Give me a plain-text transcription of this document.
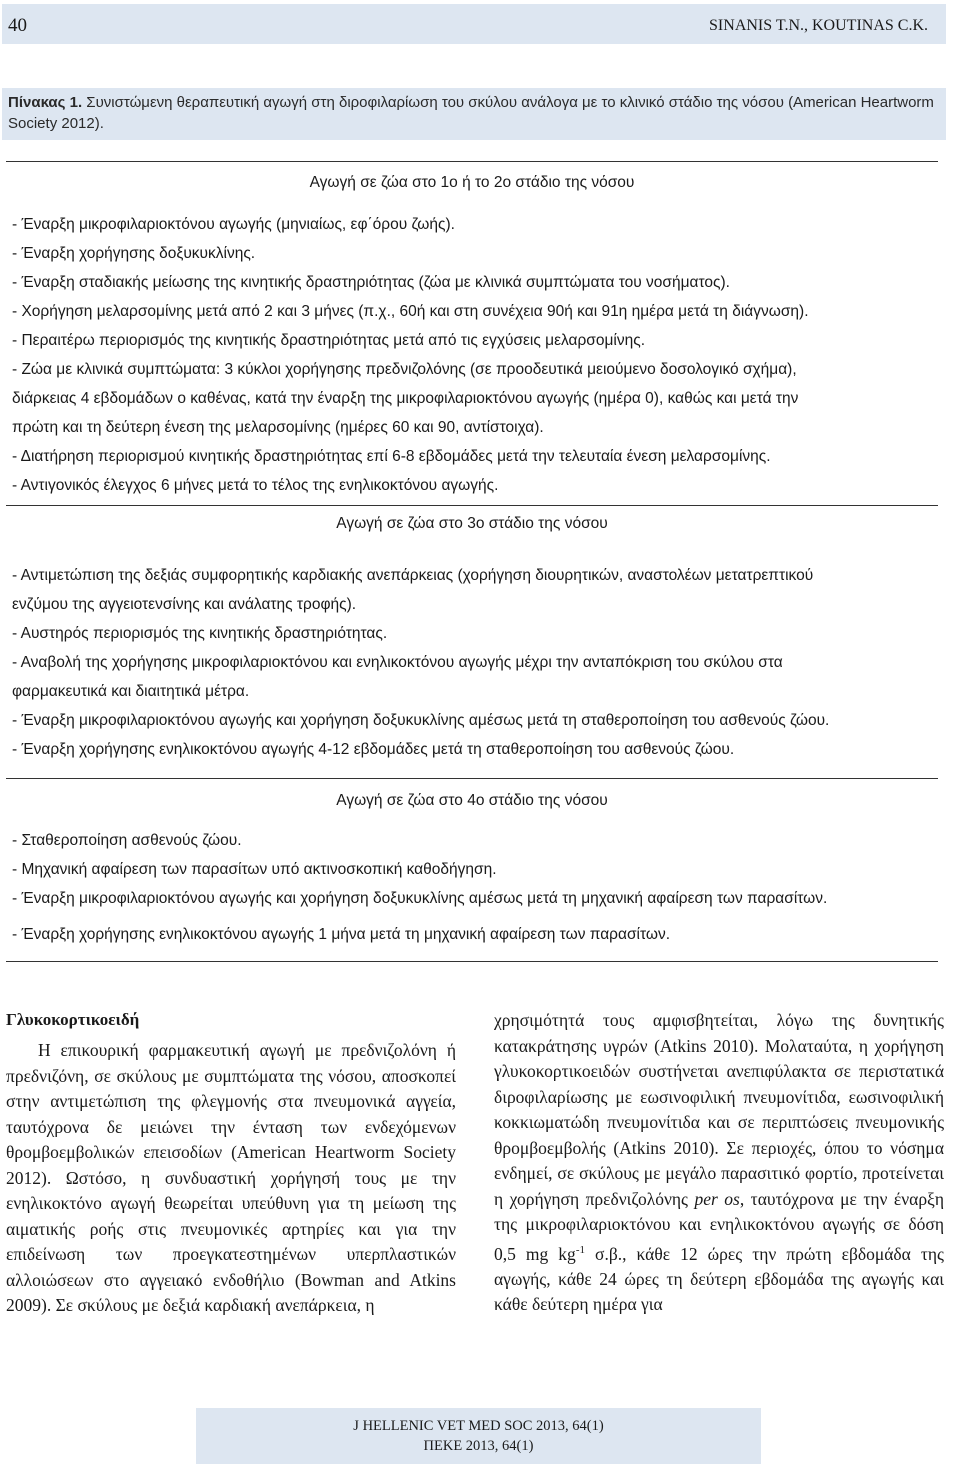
40	SINANIS T.N., KOUTINAS C.K.
Πίνακας 1. Συνιστώμενη θεραπευτική αγωγή στη διροφιλαρίωση του σκύλου ανάλογα με το κλινικό στάδιο της νόσου (American Heartworm Society 2012).
Αγωγή σε ζώα στο 1ο ή το 2ο στάδιο της νόσου
- Έναρξη μικροφιλαριοκτόνου αγωγής (μηνιαίως, εφ΄όρου ζωής).
- Έναρξη χορήγησης δοξυκυκλίνης.
- Έναρξη σταδιακής μείωσης της κινητικής δραστηριότητας (ζώα με κλινικά συμπτώματα του νοσήματος).
- Χορήγηση μελαρσομίνης μετά από 2 και 3 μήνες (π.χ., 60ή και στη συνέχεια 90ή και 91η ημέρα μετά τη διάγνωση).
- Περαιτέρω περιορισμός της κινητικής δραστηριότητας μετά από τις εγχύσεις μελαρσομίνης.
- Ζώα με κλινικά συμπτώματα: 3 κύκλοι χορήγησης πρεδνιζολόνης (σε προοδευτικά μειούμενο δοσολογικό σχήμα),
διάρκειας 4 εβδομάδων ο καθένας, κατά την έναρξη της μικροφιλαριοκτόνου αγωγής (ημέρα 0), καθώς και μετά την
πρώτη και τη δεύτερη ένεση της μελαρσομίνης (ημέρες 60 και 90, αντίστοιχα).
- Διατήρηση περιορισμού κινητικής δραστηριότητας επί 6-8 εβδομάδες μετά την τελευταία ένεση μελαρσομίνης.
- Αντιγονικός έλεγχος 6 μήνες μετά το τέλος της ενηλικοκτόνου αγωγής.
Αγωγή σε ζώα στο 3ο στάδιο της νόσου
- Αντιμετώπιση της δεξιάς συμφορητικής καρδιακής ανεπάρκειας (χορήγηση διουρητικών, αναστολέων μετατρεπτικού
ενζύμου της αγγειοτενσίνης και ανάλατης τροφής).
- Αυστηρός περιορισμός της κινητικής δραστηριότητας.
- Αναβολή της χορήγησης μικροφιλαριοκτόνου και ενηλικοκτόνου αγωγής μέχρι την ανταπόκριση του σκύλου στα
φαρμακευτικά και διαιτητικά μέτρα.
- Έναρξη μικροφιλαριοκτόνου αγωγής και χορήγηση δοξυκυκλίνης αμέσως μετά τη σταθεροποίηση του ασθενούς ζώου.
- Έναρξη χορήγησης ενηλικοκτόνου αγωγής 4-12 εβδομάδες μετά τη σταθεροποίηση του ασθενούς ζώου.
Αγωγή σε ζώα στο 4ο στάδιο της νόσου
- Σταθεροποίηση ασθενούς ζώου.
- Μηχανική αφαίρεση των παρασίτων υπό ακτινοσκοπική καθοδήγηση.
- Έναρξη μικροφιλαριοκτόνου αγωγής και χορήγηση δοξυκυκλίνης αμέσως μετά τη μηχανική αφαίρεση των παρασίτων.
- Έναρξη χορήγησης ενηλικοκτόνου αγωγής 1 μήνα μετά τη μηχανική αφαίρεση των παρασίτων.
Γλυκοκορτικοειδή
Η επικουρική φαρμακευτική αγωγή με πρεδνιζολόνη ή πρεδνιζόνη, σε σκύλους με συμπτώματα της νόσου, αποσκοπεί στην αντιμετώπιση της φλεγμονής στα πνευμονικά αγγεία, ταυτόχρονα δε μειώνει την ένταση των ενδεχόμενων θρομβοεμβολικών επεισοδίων (American Heartworm Society 2012). Ωστόσο, η συνδυαστική χορήγησή τους με την ενηλικοκτόνο αγωγή θεωρείται υπεύθυνη για τη μείωση της αιματικής ροής στις πνευμονικές αρτηρίες και για την επιδείνωση των προεγκατεστημένων υπερπλαστικών αλλοιώσεων στο αγγειακό ενδοθήλιο (Bowman and Atkins 2009). Σε σκύλους με δεξιά καρδιακή ανεπάρκεια, η
χρησιμότητά τους αμφισβητείται, λόγω της δυνητικής κατακράτησης υγρών (Atkins 2010). Μολαταύτα, η χορήγηση γλυκοκορτικοειδών συστήνεται ανεπιφύλακτα σε περιστατικά διροφιλαρίωσης με εωσινοφιλική πνευμονίτιδα, εωσινοφιλική κοκκιωματώδη πνευμονίτιδα και σε περιπτώσεις πνευμονικής θρομβοεμβολής (Atkins 2010). Σε περιοχές, όπου το νόσημα ενδημεί, σε σκύλους με μεγάλο παρασιτικό φορτίο, προτείνεται η χορήγηση πρεδνιζολόνης per os, ταυτόχρονα με την έναρξη της μικροφιλαριοκτόνου και ενηλικοκτόνου αγωγής σε δόση 0,5 mg $kg^{-1}$ σ.β., κάθε 12 ώρες την πρώτη εβδομάδα της αγωγής, κάθε 24 ώρες τη δεύτερη εβδομάδα της αγωγής και κάθε δεύτερη ημέρα για
J HELLENIC VET MED SOC 2013, 64(1)
ΠΕΚΕ 2013, 64(1)
